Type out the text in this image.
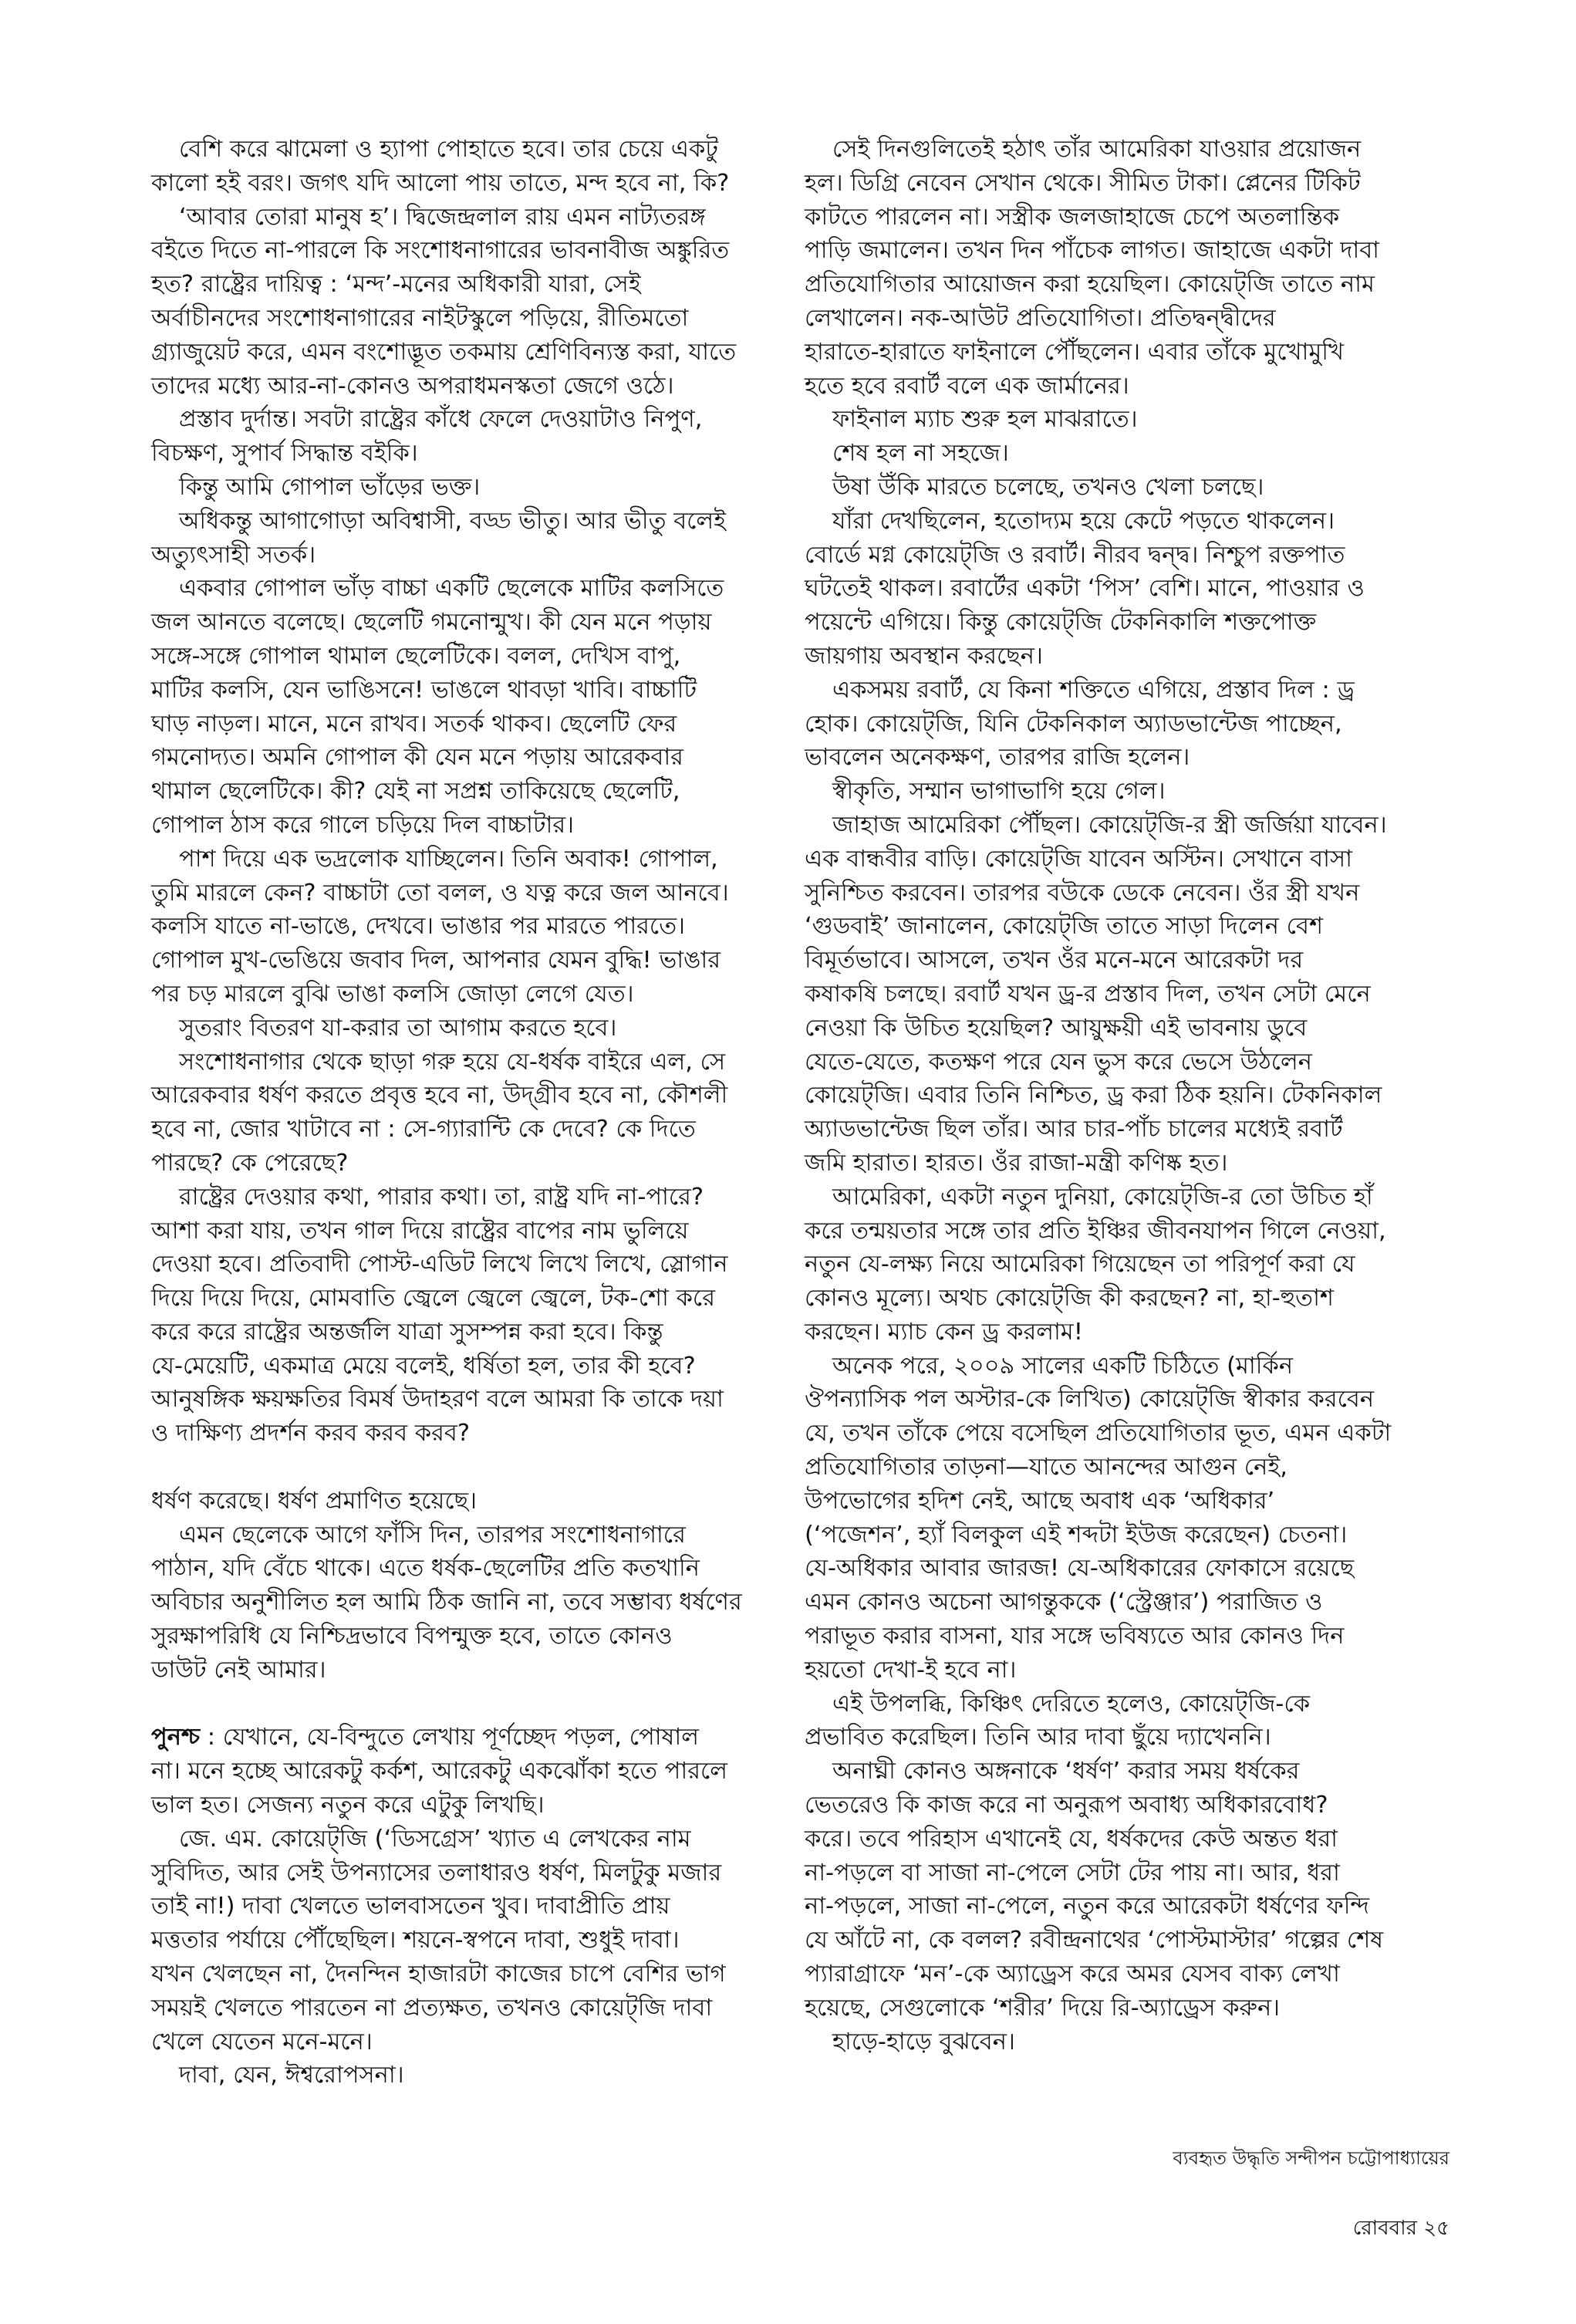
বেশি করে ঝামেলা ও হ্যাপা পোহাতে হবে। তার চেয়ে একটু
কালো হই বরং। জগৎ যদি আলো পায় তাতে, মন্দ হবে না, কি?

‘আবার তোরা মানুষ হ’। দ্বিজেন্দ্রলাল রায় এমন নাট্যতরঙ্গ
বইতে দিতে না-পারলে কি সংশোধনাগারের ভাবনাবীজ অঙ্কুরিত
হত? রাষ্ট্রের দায়িত্ব : ‘মন্দ’-মনের অধিকারী যারা, সেই
অর্বাচীনদের সংশোধনাগারের নাইটস্কুলে পড়িয়ে, রীতিমতো
গ্র্যাজুয়েট করে, এমন বংশোদ্ভূত তকমায় শ্রেণিবিন্যস্ত করা, যাতে
তাদের মধ্যে আর-না-কোনও অপরাধমনস্কতা জেগে ওঠে।

প্রস্তাব দুর্দান্ত। সবটা রাষ্ট্রের কাঁধে ফেলে দেওয়াটাও নিপুণ,
বিচক্ষণ, সুপার্ব সিদ্ধান্ত বইকি।

কিন্তু আমি গোপাল ভাঁড়ের ভক্ত।

অধিকন্তু আগাগোড়া অবিশ্বাসী, বড্ড ভীতু। আর ভীতু বলেই
অত্যুৎসাহী সতর্ক।

একবার গোপাল ভাঁড় বাচ্চা একটি ছেলেকে মাটির কলসিতে
জল আনতে বলেছে। ছেলেটি গমনোন্মুখ। কী যেন মনে পড়ায়
সঙ্গে-সঙ্গে গোপাল থামাল ছেলেটিকে। বলল, দেখিস বাপু,
মাটির কলসি, যেন ভাঙিসনে! ভাঙলে থাবড়া খাবি। বাচ্চাটি
ঘাড় নাড়ল। মানে, মনে রাখব। সতর্ক থাকব। ছেলেটি ফের
গমনোদ্যত। অমনি গোপাল কী যেন মনে পড়ায় আরেকবার
থামাল ছেলেটিকে। কী? যেই না সপ্রশ্ন তাকিয়েছে ছেলেটি,
গোপাল ঠাস করে গালে চড়িয়ে দিল বাচ্চাটার।

পাশ দিয়ে এক ভদ্রলোক যাচ্ছিলেন। তিনি অবাক! গোপাল,
তুমি মারলে কেন? বাচ্চাটা তো বলল, ও যত্ন করে জল আনবে।
কলসি যাতে না-ভাঙে, দেখবে। ভাঙার পর মারতে পারতে।
গোপাল মুখ-ভেঙিয়ে জবাব দিল, আপনার যেমন বুদ্ধি! ভাঙার
পর চড় মারলে বুঝি ভাঙা কলসি জোড়া লেগে যেত।

সুতরাং বিতরণ যা-করার তা আগাম করতে হবে।

সংশোধনাগার থেকে ছাড়া গরু হয়ে যে-ধর্ষক বাইরে এল, সে
আরেকবার ধর্ষণ করতে প্রবৃত্ত হবে না, উদ্গ্রীব হবে না, কৌশলী
হবে না, জোর খাটাবে না : সে-গ্যারান্টি কে দেবে? কে দিতে
পারছে? কে পেরেছে?

রাষ্ট্রের দেওয়ার কথা, পারার কথা। তা, রাষ্ট্র যদি না-পারে?
আশা করা যায়, তখন গাল দিয়ে রাষ্ট্রের বাপের নাম ভুলিয়ে
দেওয়া হবে। প্রতিবাদী পোস্ট-এডিট লিখে লিখে লিখে, স্লোগান
দিয়ে দিয়ে দিয়ে, মোমবাতি জ্বেলে জ্বেলে জ্বেলে, টক-শো করে
করে করে রাষ্ট্রের অন্তর্জলি যাত্রা সুসম্পন্ন করা হবে। কিন্তু
যে-মেয়েটি, একমাত্র মেয়ে বলেই, ধর্ষিতা হল, তার কী হবে?
আনুষঙ্গিক ক্ষয়ক্ষতির বিমর্ষ উদাহরণ বলে আমরা কি তাকে দয়া
ও দাক্ষিণ্য প্রদর্শন করব করব করব?

ধর্ষণ করেছে। ধর্ষণ প্রমাণিত হয়েছে।

এমন ছেলেকে আগে ফাঁসি দিন, তারপর সংশোধনাগারে
পাঠান, যদি বেঁচে থাকে। এতে ধর্ষক-ছেলেটির প্রতি কতখানি
অবিচার অনুশীলিত হল আমি ঠিক জানি না, তবে সম্ভাব্য ধর্ষণের
সুরক্ষাপরিধি যে নিশ্চিদ্রভাবে বিপন্মুক্ত হবে, তাতে কোনও
ডাউট নেই আমার।

পুনশ্চ : যেখানে, যে-বিন্দুতে লেখায় পূর্ণচ্ছেদ পড়ল, পোষাল
না। মনে হচ্ছে আরেকটু কর্কশ, আরেকটু একঝোঁকা হতে পারলে
ভাল হত। সেজন্য নতুন করে এটুকু লিখছি।

জে. এম. কোয়েট্‌জি (‘ডিসগ্রেস’ খ্যাত এ লেখকের নাম
সুবিদিত, আর সেই উপন্যাসের তলাধারও ধর্ষণ, মিলটুকু মজার
তাই না!) দাবা খেলতে ভালবাসতেন খুব। দাবাপ্রীতি প্রায়
মত্ততার পর্যায়ে পৌঁছেছিল। শয়নে-স্বপনে দাবা, শুধুই দাবা।
যখন খেলছেন না, দৈনন্দিন হাজারটা কাজের চাপে বেশির ভাগ
সময়ই খেলতে পারতেন না প্রত্যক্ষত, তখনও কোয়েট্‌জি দাবা
খেলে যেতেন মনে-মনে।

দাবা, যেন, ঈশ্বরোপসনা।

সেই দিনগুলিতেই হঠাৎ তাঁর আমেরিকা যাওয়ার প্রয়োজন
হল। ডিগ্রি নেবেন সেখান থেকে। সীমিত টাকা। প্লেনের টিকিট
কাটতে পারলেন না। সস্ত্রীক জলজাহাজে চেপে অতলান্তিক
পাড়ি জমালেন। তখন দিন পাঁচেক লাগত। জাহাজে একটা দাবা
প্রতিযোগিতার আয়োজন করা হয়েছিল। কোয়েট্‌জি তাতে নাম
লেখালেন। নক-আউট প্রতিযোগিতা। প্রতিদ্বন্দ্বীদের
হারাতে-হারাতে ফাইনালে পৌঁছলেন। এবার তাঁকে মুখোমুখি
হতে হবে রবার্ট বলে এক জার্মানের।

ফাইনাল ম্যাচ শুরু হল মাঝরাতে।

শেষ হল না সহজে।

উষা উঁকি মারতে চলেছে, তখনও খেলা চলছে।

যাঁরা দেখছিলেন, হতোদ্যম হয়ে কেটে পড়তে থাকলেন।
বোর্ডে মগ্ন কোয়েট্‌জি ও রবার্ট। নীরব দ্বন্দ্ব। নিশ্চুপ রক্তপাত
ঘটতেই থাকল। রবার্টের একটা ‘পিস’ বেশি। মানে, পাওয়ার ও
পয়েন্টে এগিয়ে। কিন্তু কোয়েট্‌জি টেকনিকালি শক্তপোক্ত
জায়গায় অবস্থান করছেন।

একসময় রবার্ট, যে কিনা শক্তিতে এগিয়ে, প্রস্তাব দিল : ড্র
হোক। কোয়েট্‌জি, যিনি টেকনিকাল অ্যাডভান্টেজ পাচ্ছেন,
ভাবলেন অনেকক্ষণ, তারপর রাজি হলেন।

স্বীকৃতি, সম্মান ভাগাভাগি হয়ে গেল।

জাহাজ আমেরিকা পৌঁছল। কোয়েট্‌জি-র স্ত্রী জর্জিয়া যাবেন।
এক বান্ধবীর বাড়ি। কোয়েট্‌জি যাবেন অস্টিন। সেখানে বাসা
সুনিশ্চিত করবেন। তারপর বউকে ডেকে নেবেন। ওঁর স্ত্রী যখন
‘গুডবাই’ জানালেন, কোয়েট্‌জি তাতে সাড়া দিলেন বেশ
বিমূর্তভাবে। আসলে, তখন ওঁর মনে-মনে আরেকটা দর
কষাকষি চলছে। রবার্ট যখন ড্র-র প্রস্তাব দিল, তখন সেটা মেনে
নেওয়া কি উচিত হয়েছিল? আয়ুক্ষয়ী এই ভাবনায় ডুবে
যেতে-যেতে, কতক্ষণ পরে যেন ভুস করে ভেসে উঠলেন
কোয়েট্‌জি। এবার তিনি নিশ্চিত, ড্র করা ঠিক হয়নি। টেকনিকাল
অ্যাডভান্টেজ ছিল তাঁর। আর চার-পাঁচ চালের মধ্যেই রবার্ট
জমি হারাত। হারত। ওঁর রাজা-মন্ত্রী কণিষ্ক হত।

আমেরিকা, একটা নতুন দুনিয়া, কোয়েট্‌জি-র তো উচিত হাঁ
করে তন্ময়তার সঙ্গে তার প্রতি ইঞ্চির জীবনযাপন গিলে নেওয়া,
নতুন যে-লক্ষ্য নিয়ে আমেরিকা গিয়েছেন তা পরিপূর্ণ করা যে
কোনও মূল্যে। অথচ কোয়েট্‌জি কী করছেন? না, হা-হুতাশ
করছেন। ম্যাচ কেন ড্র করলাম!

অনেক পরে, ২০০৯ সালের একটি চিঠিতে (মার্কিন
ঔপন্যাসিক পল অস্টার-কে লিখিত) কোয়েট্‌জি স্বীকার করবেন
যে, তখন তাঁকে পেয়ে বসেছিল প্রতিযোগিতার ভূত, এমন একটা
প্রতিযোগিতার তাড়না—যাতে আনন্দের আগুন নেই,
উপভোগের হদিশ নেই, আছে অবাধ এক ‘অধিকার’
(‘পজেশন’, হ্যাঁ বিলকুল এই শব্দটা ইউজ করেছেন) চেতনা।
যে-অধিকার আবার জারজ! যে-অধিকারের ফোকাসে রয়েছে
এমন কোনও অচেনা আগন্তুককে (‘স্ট্রেঞ্জার’) পরাজিত ও
পরাভূত করার বাসনা, যার সঙ্গে ভবিষ্যতে আর কোনও দিন
হয়তো দেখা-ই হবে না।

এই উপলব্ধি, কিঞ্চিৎ দেরিতে হলেও, কোয়েট্‌জি-কে
প্রভাবিত করেছিল। তিনি আর দাবা ছুঁয়ে দ্যাখেননি।

অনাঘ্নী কোনও অঙ্গনাকে ‘ধর্ষণ’ করার সময় ধর্ষকের
ভেতরেও কি কাজ করে না অনুরূপ অবাধ্য অধিকারবোধ?
করে। তবে পরিহাস এখানেই যে, ধর্ষকদের কেউ অন্তত ধরা
না-পড়লে বা সাজা না-পেলে সেটা টের পায় না। আর, ধরা
না-পড়লে, সাজা না-পেলে, নতুন করে আরেকটা ধর্ষণের ফন্দি
যে আঁটে না, কে বলল? রবীন্দ্রনাথের ‘পোস্টমাস্টার’ গল্পের শেষ
প্যারাগ্রাফে ‘মন’-কে অ্যাড্রেস করে অমর যেসব বাক্য লেখা
হয়েছে, সেগুলোকে ‘শরীর’ দিয়ে রি-অ্যাড্রেস করুন।

হাড়ে-হাড়ে বুঝবেন।

ব্যবহৃত উদ্ধৃতি সন্দীপন চট্টোপাধ্যায়ের
রোববার ২৫
